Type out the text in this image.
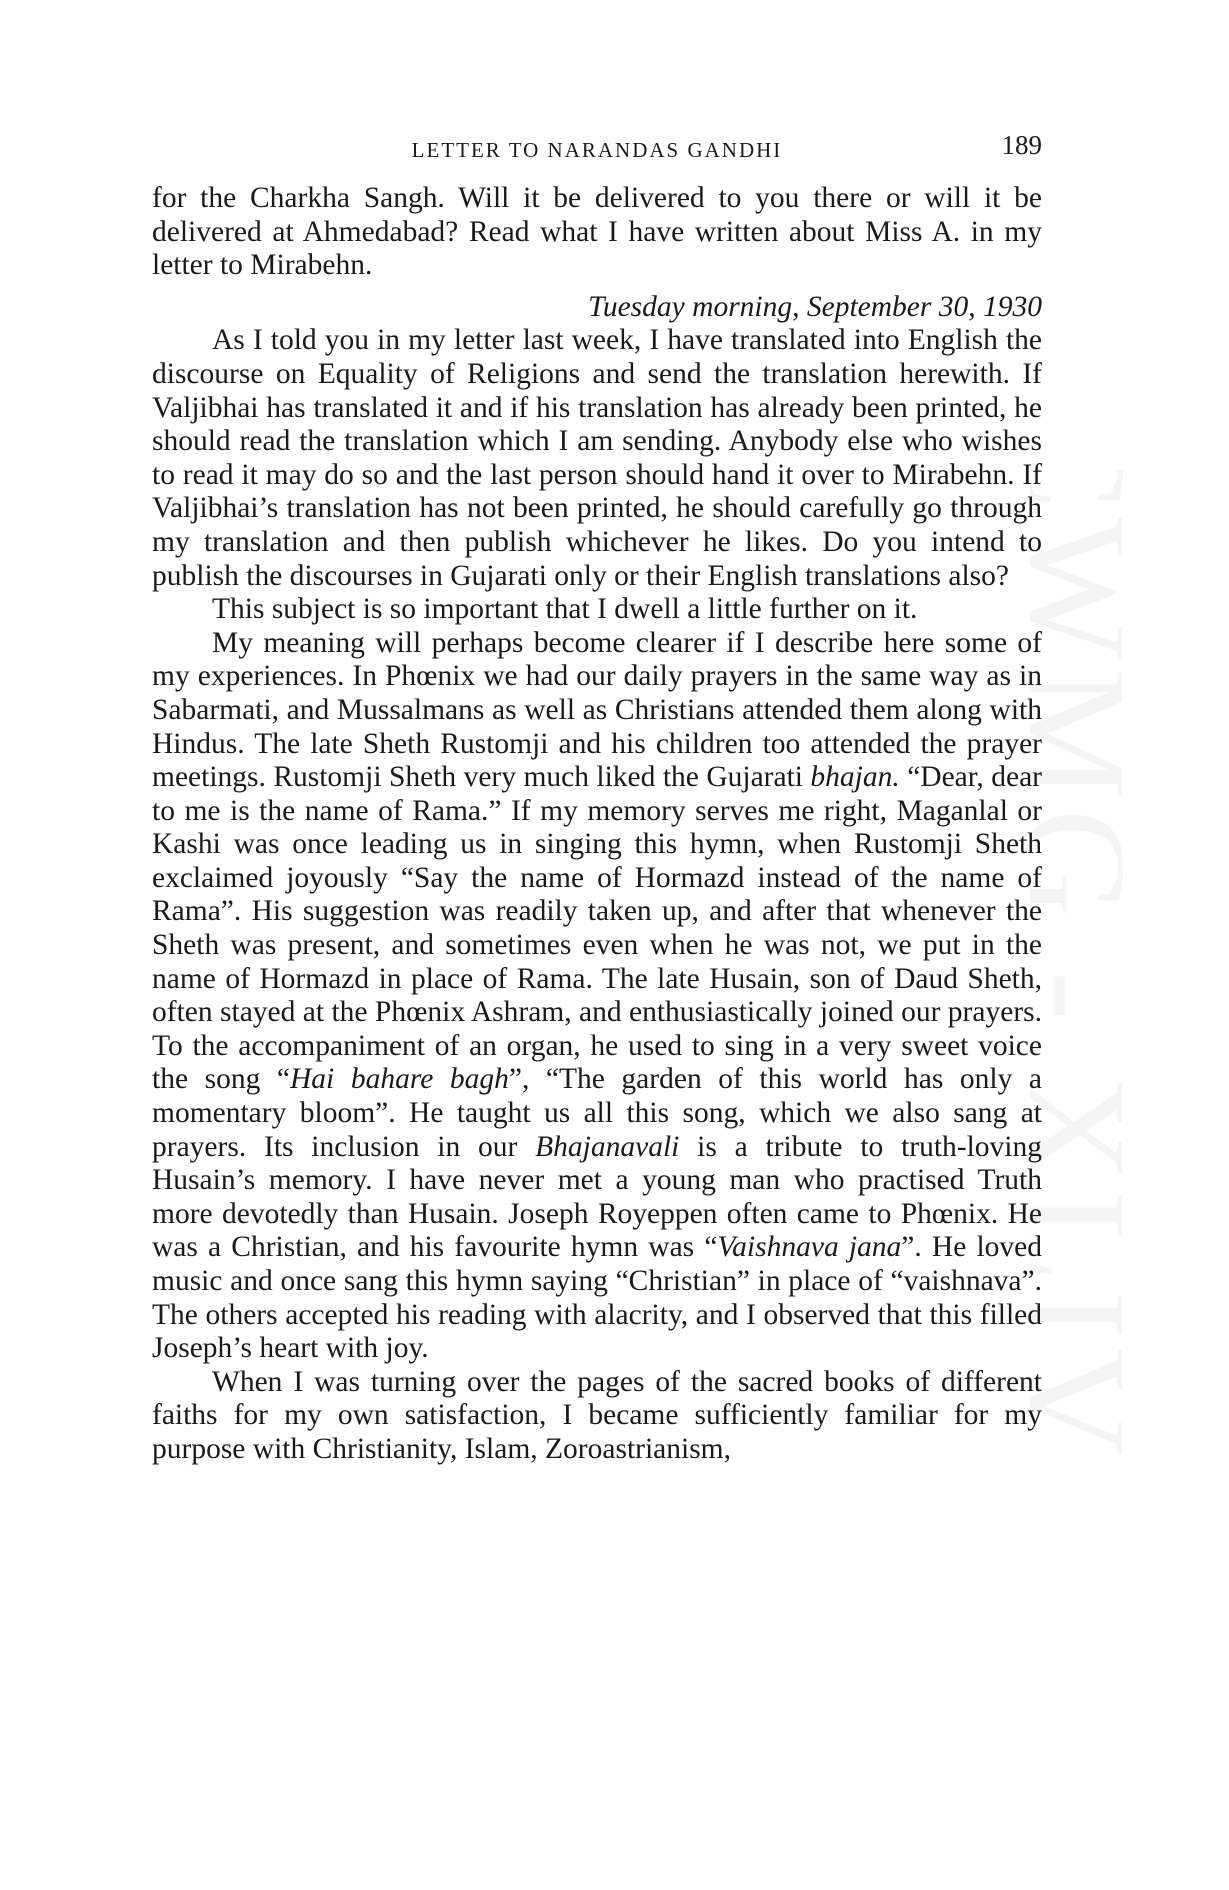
LETTER TO NARANDAS GANDHI	189

for the Charkha Sangh. Will it be delivered to you there or will it be delivered at Ahmedabad? Read what I have written about Miss A. in my letter to Mirabehn.

Tuesday morning, September 30, 1930

As I told you in my letter last week, I have translated into English the discourse on Equality of Religions and send the translation herewith. If Valjibhai has translated it and if his translation has already been printed, he should read the translation which I am sending. Anybody else who wishes to read it may do so and the last person should hand it over to Mirabehn. If Valjibhai’s translation has not been printed, he should carefully go through my translation and then publish whichever he likes. Do you intend to publish the discourses in Gujarati only or their English translations also?

This subject is so important that I dwell a little further on it.

My meaning will perhaps become clearer if I describe here some of my experiences. In Phœnix we had our daily prayers in the same way as in Sabarmati, and Mussalmans as well as Christians attended them along with Hindus. The late Sheth Rustomji and his children too attended the prayer meetings. Rustomji Sheth very much liked the Gujarati bhajan. “Dear, dear to me is the name of Rama.” If my memory serves me right, Maganlal or Kashi was once leading us in singing this hymn, when Rustomji Sheth exclaimed joyously “Say the name of Hormazd instead of the name of Rama”. His suggestion was readily taken up, and after that whenever the Sheth was present, and sometimes even when he was not, we put in the name of Hormazd in place of Rama. The late Husain, son of Daud Sheth, often stayed at the Phœnix Ashram, and enthusiastically joined our prayers. To the accompaniment of an organ, he used to sing in a very sweet voice the song “Hai bahare bagh”, “The garden of this world has only a momentary bloom”. He taught us all this song, which we also sang at prayers. Its inclusion in our Bhajanavali is a tribute to truth-loving Husain’s memory. I have never met a young man who practised Truth more devotedly than Husain. Joseph Royeppen often came to Phœnix. He was a Christian, and his favourite hymn was “Vaishnava jana”. He loved music and once sang this hymn saying “Christian” in place of “vaishnava”. The others accepted his reading with alacrity, and I observed that this filled Joseph’s heart with joy.

When I was turning over the pages of the sacred books of different faiths for my own satisfaction, I became sufficiently familiar for my purpose with Christianity, Islam, Zoroastrianism,
